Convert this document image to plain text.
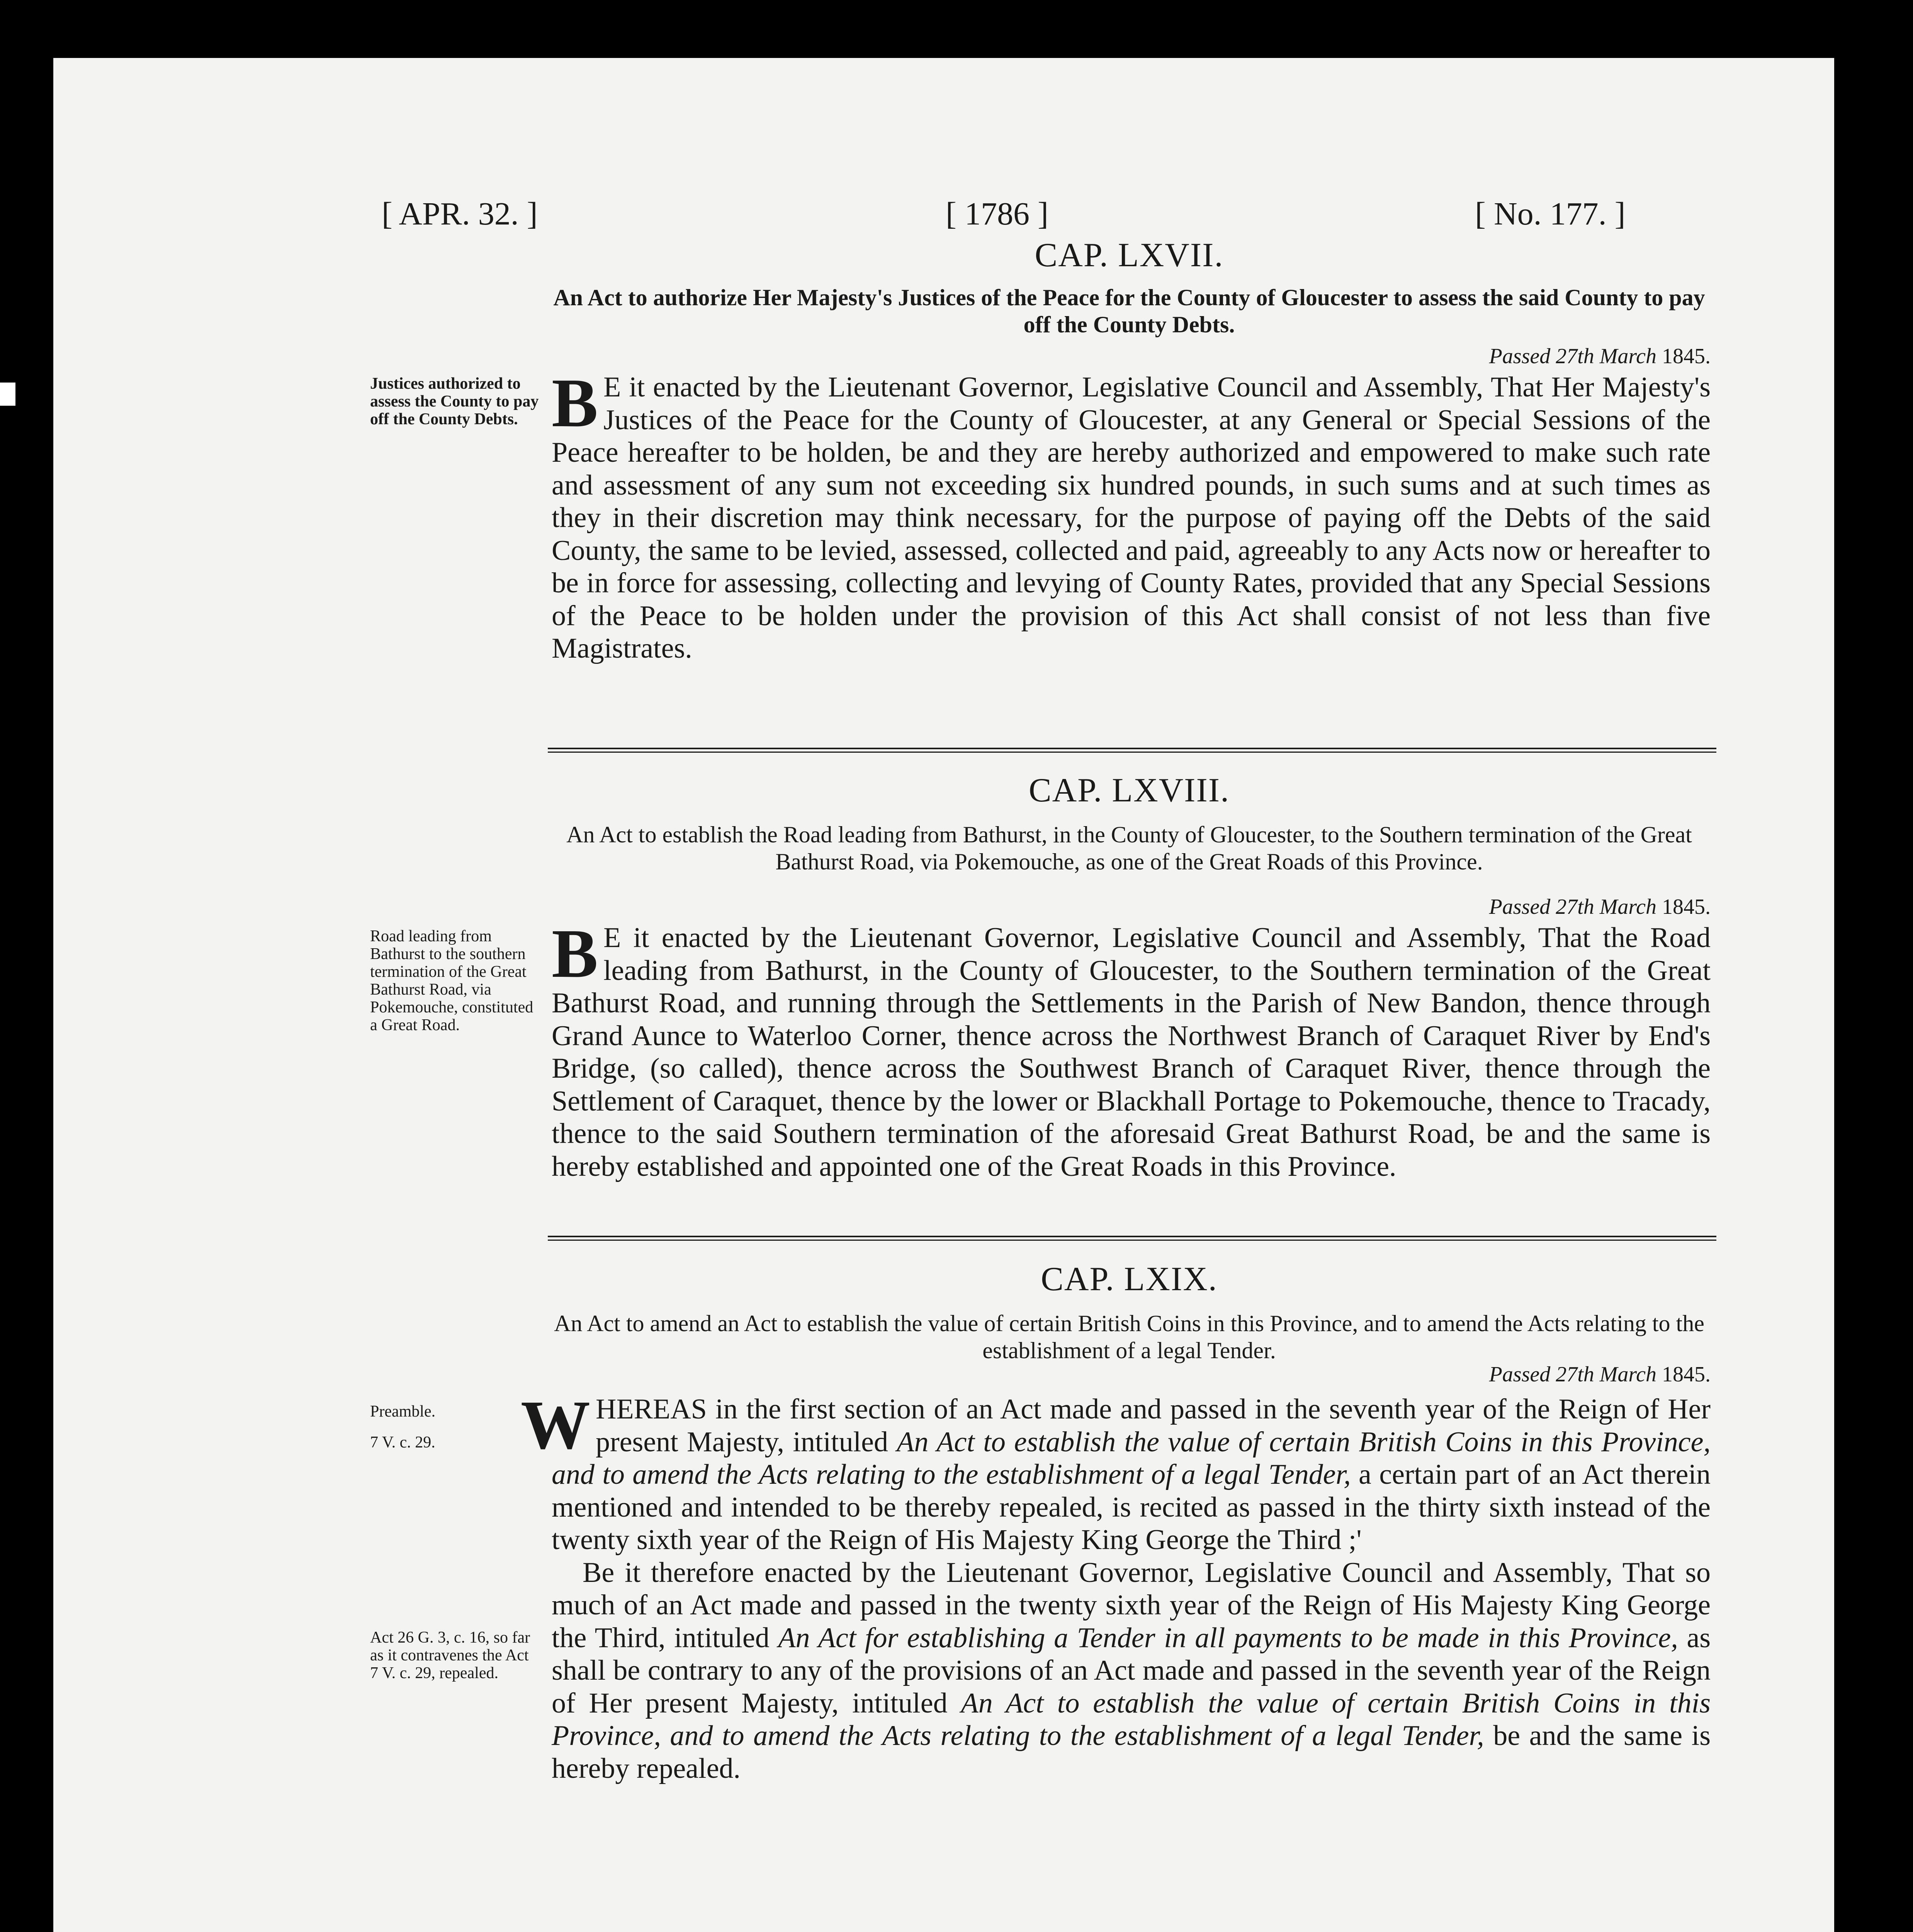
[ APR. 32. ]	[ 1786 ]	[ No. 177. ]
CAP. LXVII.
An Act to authorize Her Majesty's Justices of the Peace for the County of Gloucester to assess the said County to pay off the County Debts.
Passed 27th March 1845.
Justices authorized to assess the County to pay off the County Debts. B E it enacted by the Lieutenant Governor, Legislative Council and Assembly, That Her Majesty's Justices of the Peace for the County of Gloucester, at any General or Special Sessions of the Peace hereafter to be holden, be and they are hereby authorized and empowered to make such rate and assessment of any sum not exceeding six hundred pounds, in such sums and at such times as they in their discretion may think necessary, for the purpose of paying off the Debts of the said County, the same to be levied, assessed, collected and paid, agreeably to any Acts now or hereafter to be in force for assessing, collecting and levying of County Rates, provided that any Special Sessions of the Peace to be holden under the provision of this Act shall consist of not less than five Magistrates.
CAP. LXVIII.
An Act to establish the Road leading from Bathurst, in the County of Gloucester, to the Southern termination of the Great Bathurst Road, via Pokemouche, as one of the Great Roads of this Province.
Passed 27th March 1845.
Road leading from Bathurst to the southern termination of the Great Bathurst Road, via Pokemouche, constituted a Great Road.
B E it enacted by the Lieutenant Governor, Legislative Council and Assembly, That the Road leading from Bathurst, in the County of Gloucester, to the Southern termination of the Great Bathurst Road, and running through the Settlements in the Parish of New Bandon, thence through Grand Aunce to Waterloo Corner, thence across the Northwest Branch of Caraquet River by End's Bridge, (so called), thence across the Southwest Branch of Caraquet River, thence through the Settlement of Caraquet, thence by the lower or Blackhall Portage to Pokemouche, thence to Tracady, thence to the said Southern termination of the aforesaid Great Bathurst Road, be and the same is hereby established and appointed one of the Great Roads in this Province.
CAP. LXIX.
An Act to amend an Act to establish the value of certain British Coins in this Province, and to amend the Acts relating to the establishment of a legal Tender.
Passed 27th March 1845.
Preamble.
7 V. c. 29.
Act 26 G. 3, c. 16, so far as it contravenes the Act 7 V. c. 29, repealed.

WHEREAS in the first section of an Act made and passed in the seventh year of the Reign of Her present Majesty, intituled An Act to establish the value of certain British Coins in this Province, and to amend the Acts relating to the establishment of a legal Tender, a certain part of an Act therein mentioned and intended to be thereby repealed, is recited as passed in the thirty sixth instead of the twenty sixth year of the Reign of His Majesty King George the Third ;'

Be it therefore enacted by the Lieutenant Governor, Legislative Council and Assembly, That so much of an Act made and passed in the twenty sixth year of the Reign of His Majesty King George the Third, intituled An Act for establishing a Tender in all payments to be made in this Province, as shall be contrary to any of the provisions of an Act made and passed in the seventh year of the Reign of Her present Majesty, intituled An Act to establish the value of certain British Coins in this Province, and to amend the Acts relating to the establishment of a legal Tender, be and the same is hereby repealed.
